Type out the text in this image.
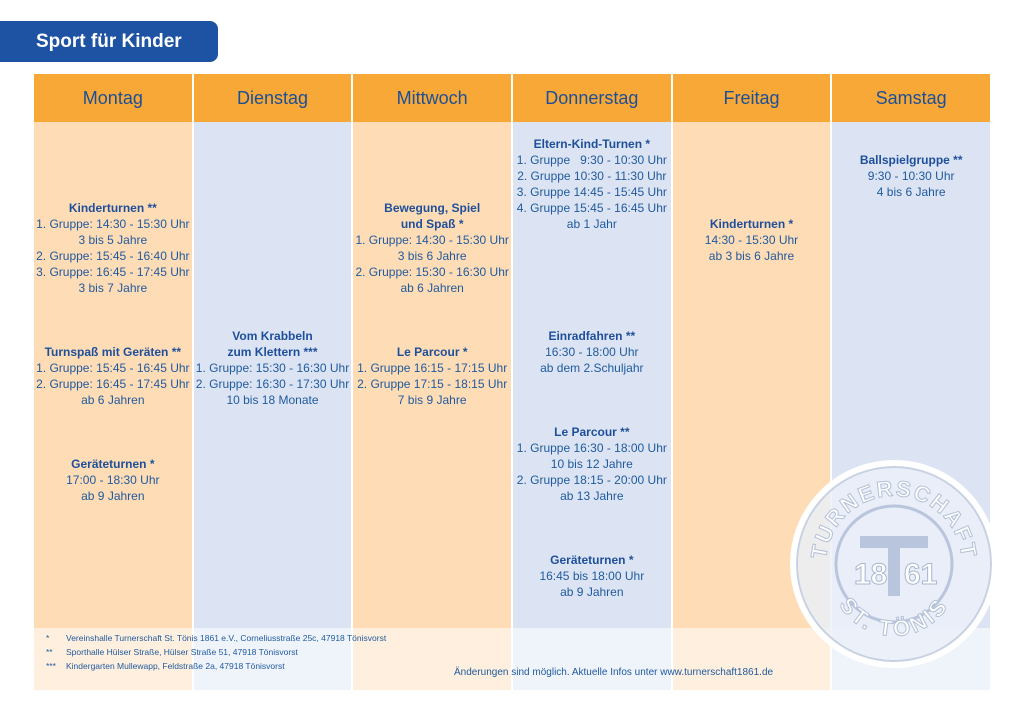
Sport für Kinder
Montag
Kinderturnen **
1. Gruppe: 14:30 - 15:30 Uhr
3 bis 5 Jahre
2. Gruppe: 15:45 - 16:40 Uhr
3. Gruppe: 16:45 - 17:45 Uhr
3 bis 7 Jahre
Turnspaß mit Geräten **
1. Gruppe: 15:45 - 16:45 Uhr
2. Gruppe: 16:45 - 17:45 Uhr
ab 6 Jahren
Geräteturnen *
17:00 - 18:30 Uhr
ab 9 Jahren
Dienstag
Vom Krabbeln
zum Klettern ***
1. Gruppe: 15:30 - 16:30 Uhr
2. Gruppe: 16:30 - 17:30 Uhr
10 bis 18 Monate
Mittwoch
Bewegung, Spiel
und Spaß *
1. Gruppe: 14:30 - 15:30 Uhr
3 bis 6 Jahre
2. Gruppe: 15:30 - 16:30 Uhr
ab 6 Jahren
Le Parcour *
1. Gruppe 16:15 - 17:15 Uhr
2. Gruppe 17:15 - 18:15 Uhr
7 bis 9 Jahre
Donnerstag
Eltern-Kind-Turnen *
1. Gruppe   9:30 - 10:30 Uhr
2. Gruppe 10:30 - 11:30 Uhr
3. Gruppe 14:45 - 15:45 Uhr
4. Gruppe 15:45 - 16:45 Uhr
ab 1 Jahr
Einradfahren **
16:30 - 18:00 Uhr
ab dem 2.Schuljahr
Le Parcour **
1. Gruppe 16:30 - 18:00 Uhr
10 bis 12 Jahre
2. Gruppe 18:15 - 20:00 Uhr
ab 13 Jahre
Geräteturnen *
16:45 bis 18:00 Uhr
ab 9 Jahren
Freitag
Kinderturnen *
14:30 - 15:30 Uhr
ab 3 bis 6 Jahre
Samstag
Ballspielgruppe **
9:30 - 10:30 Uhr
4 bis 6 Jahre
*	Vereinshalle Turnerschaft St. Tönis 1861 e.V., Corneliusstraße 25c, 47918 Tönisvorst
**	Sporthalle Hülser Straße, Hülser Straße 51, 47918 Tönisvorst
***	Kindergarten Mullewapp, Feldstraße 2a, 47918 Tönisvorst
Änderungen sind möglich. Aktuelle Infos unter www.turnerschaft1861.de
TURNERSCHAFT
ST. TÖNIS
18 61
